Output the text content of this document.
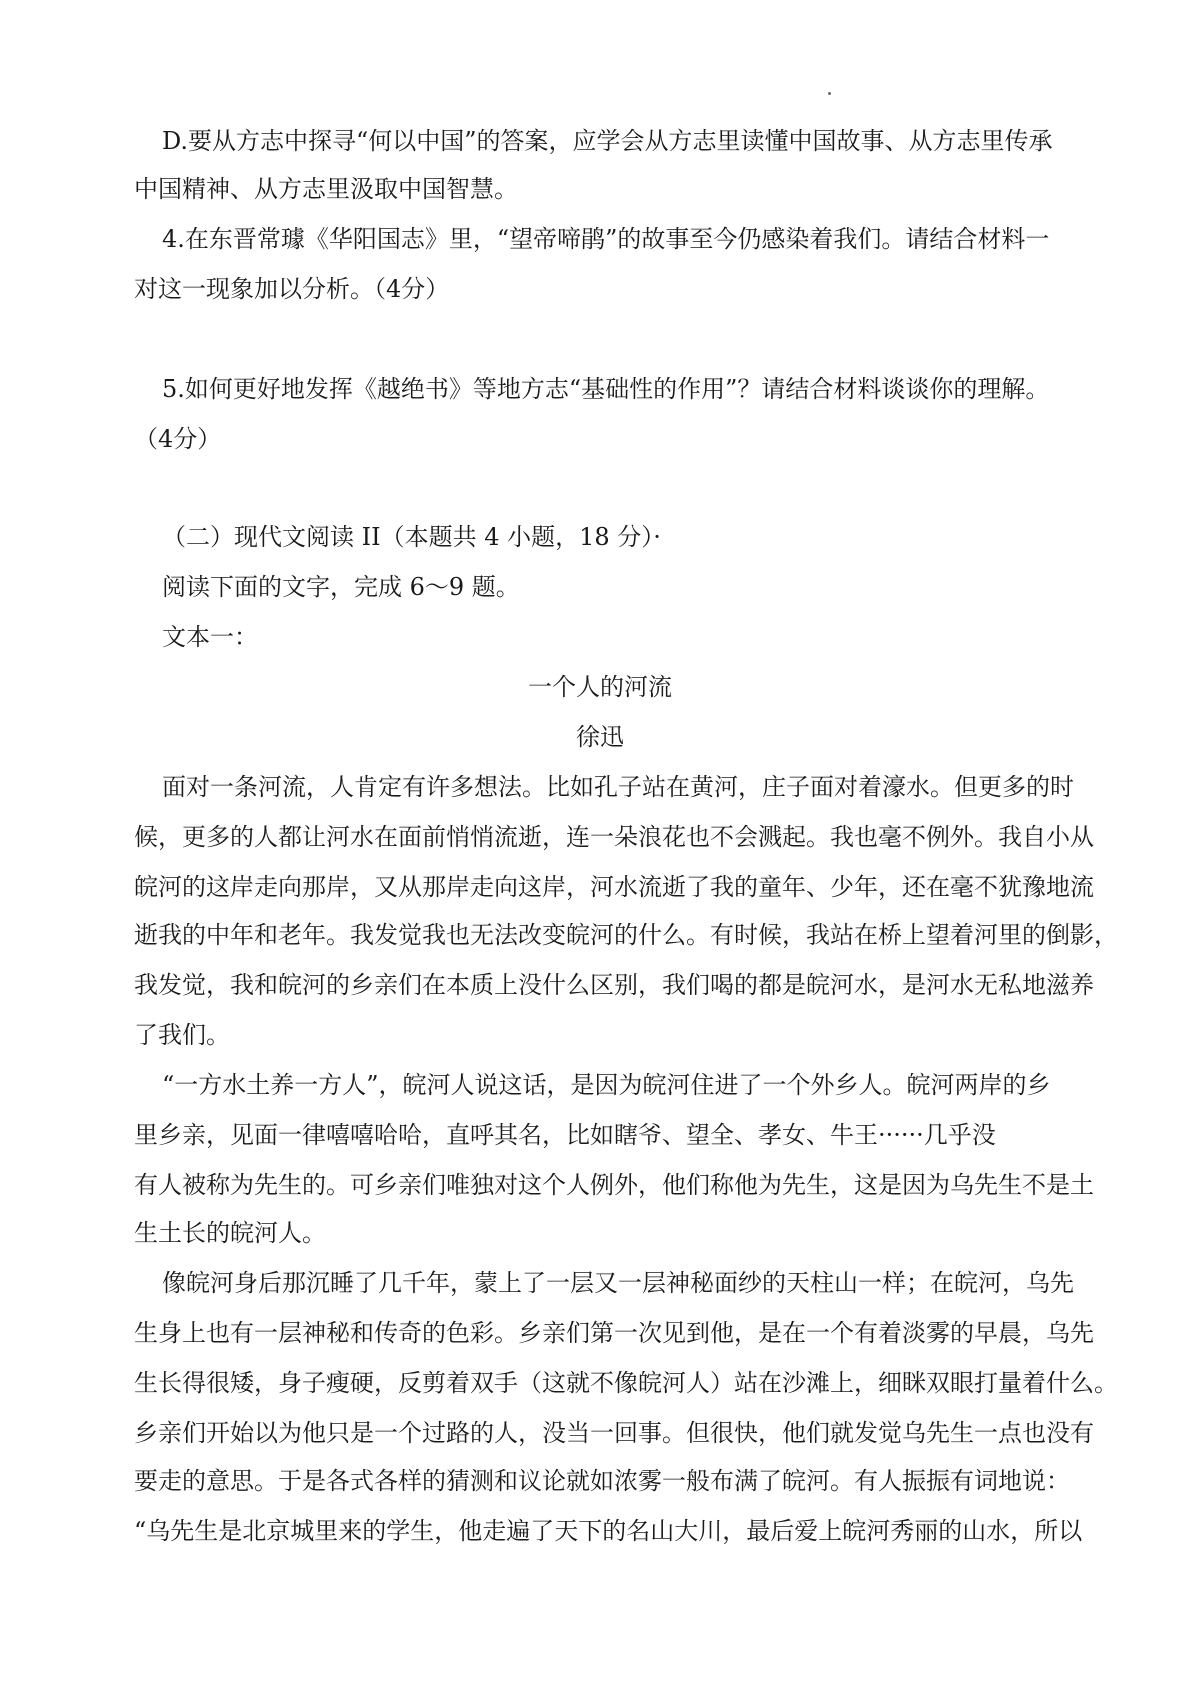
D.要从方志中探寻“何以中国”的答案，应学会从方志里读懂中国故事、从方志里传承

中国精神、从方志里汲取中国智慧。

4.在东晋常璩《华阳国志》里，“望帝啼鹃”的故事至今仍感染着我们。请结合材料一

对这一现象加以分析。（4分）

5.如何更好地发挥《越绝书》等地方志“基础性的作用”？请结合材料谈谈你的理解。

（4分）

（二）现代文阅读 II（本题共 4 小题，18 分）·

阅读下面的文字，完成 6～9 题。

文本一：

一个人的河流

徐迅

面对一条河流，人肯定有许多想法。比如孔子站在黄河，庄子面对着濠水。但更多的时

候，更多的人都让河水在面前悄悄流逝，连一朵浪花也不会溅起。我也毫不例外。我自小从

皖河的这岸走向那岸，又从那岸走向这岸，河水流逝了我的童年、少年，还在毫不犹豫地流

逝我的中年和老年。我发觉我也无法改变皖河的什么。有时候，我站在桥上望着河里的倒影，

我发觉，我和皖河的乡亲们在本质上没什么区别，我们喝的都是皖河水，是河水无私地滋养

了我们。

“一方水土养一方人”，皖河人说这话，是因为皖河住进了一个外乡人。皖河两岸的乡

里乡亲，见面一律嘻嘻哈哈，直呼其名，比如瞎爷、望全、孝女、牛王······几乎没

有人被称为先生的。可乡亲们唯独对这个人例外，他们称他为先生，这是因为乌先生不是土

生土长的皖河人。

像皖河身后那沉睡了几千年，蒙上了一层又一层神秘面纱的天柱山一样；在皖河，乌先

生身上也有一层神秘和传奇的色彩。乡亲们第一次见到他，是在一个有着淡雾的早晨，乌先

生长得很矮，身子瘦硬，反剪着双手（这就不像皖河人）站在沙滩上，细眯双眼打量着什么。

乡亲们开始以为他只是一个过路的人，没当一回事。但很快，他们就发觉乌先生一点也没有

要走的意思。于是各式各样的猜测和议论就如浓雾一般布满了皖河。有人振振有词地说：

“乌先生是北京城里来的学生，他走遍了天下的名山大川，最后爱上皖河秀丽的山水，所以
